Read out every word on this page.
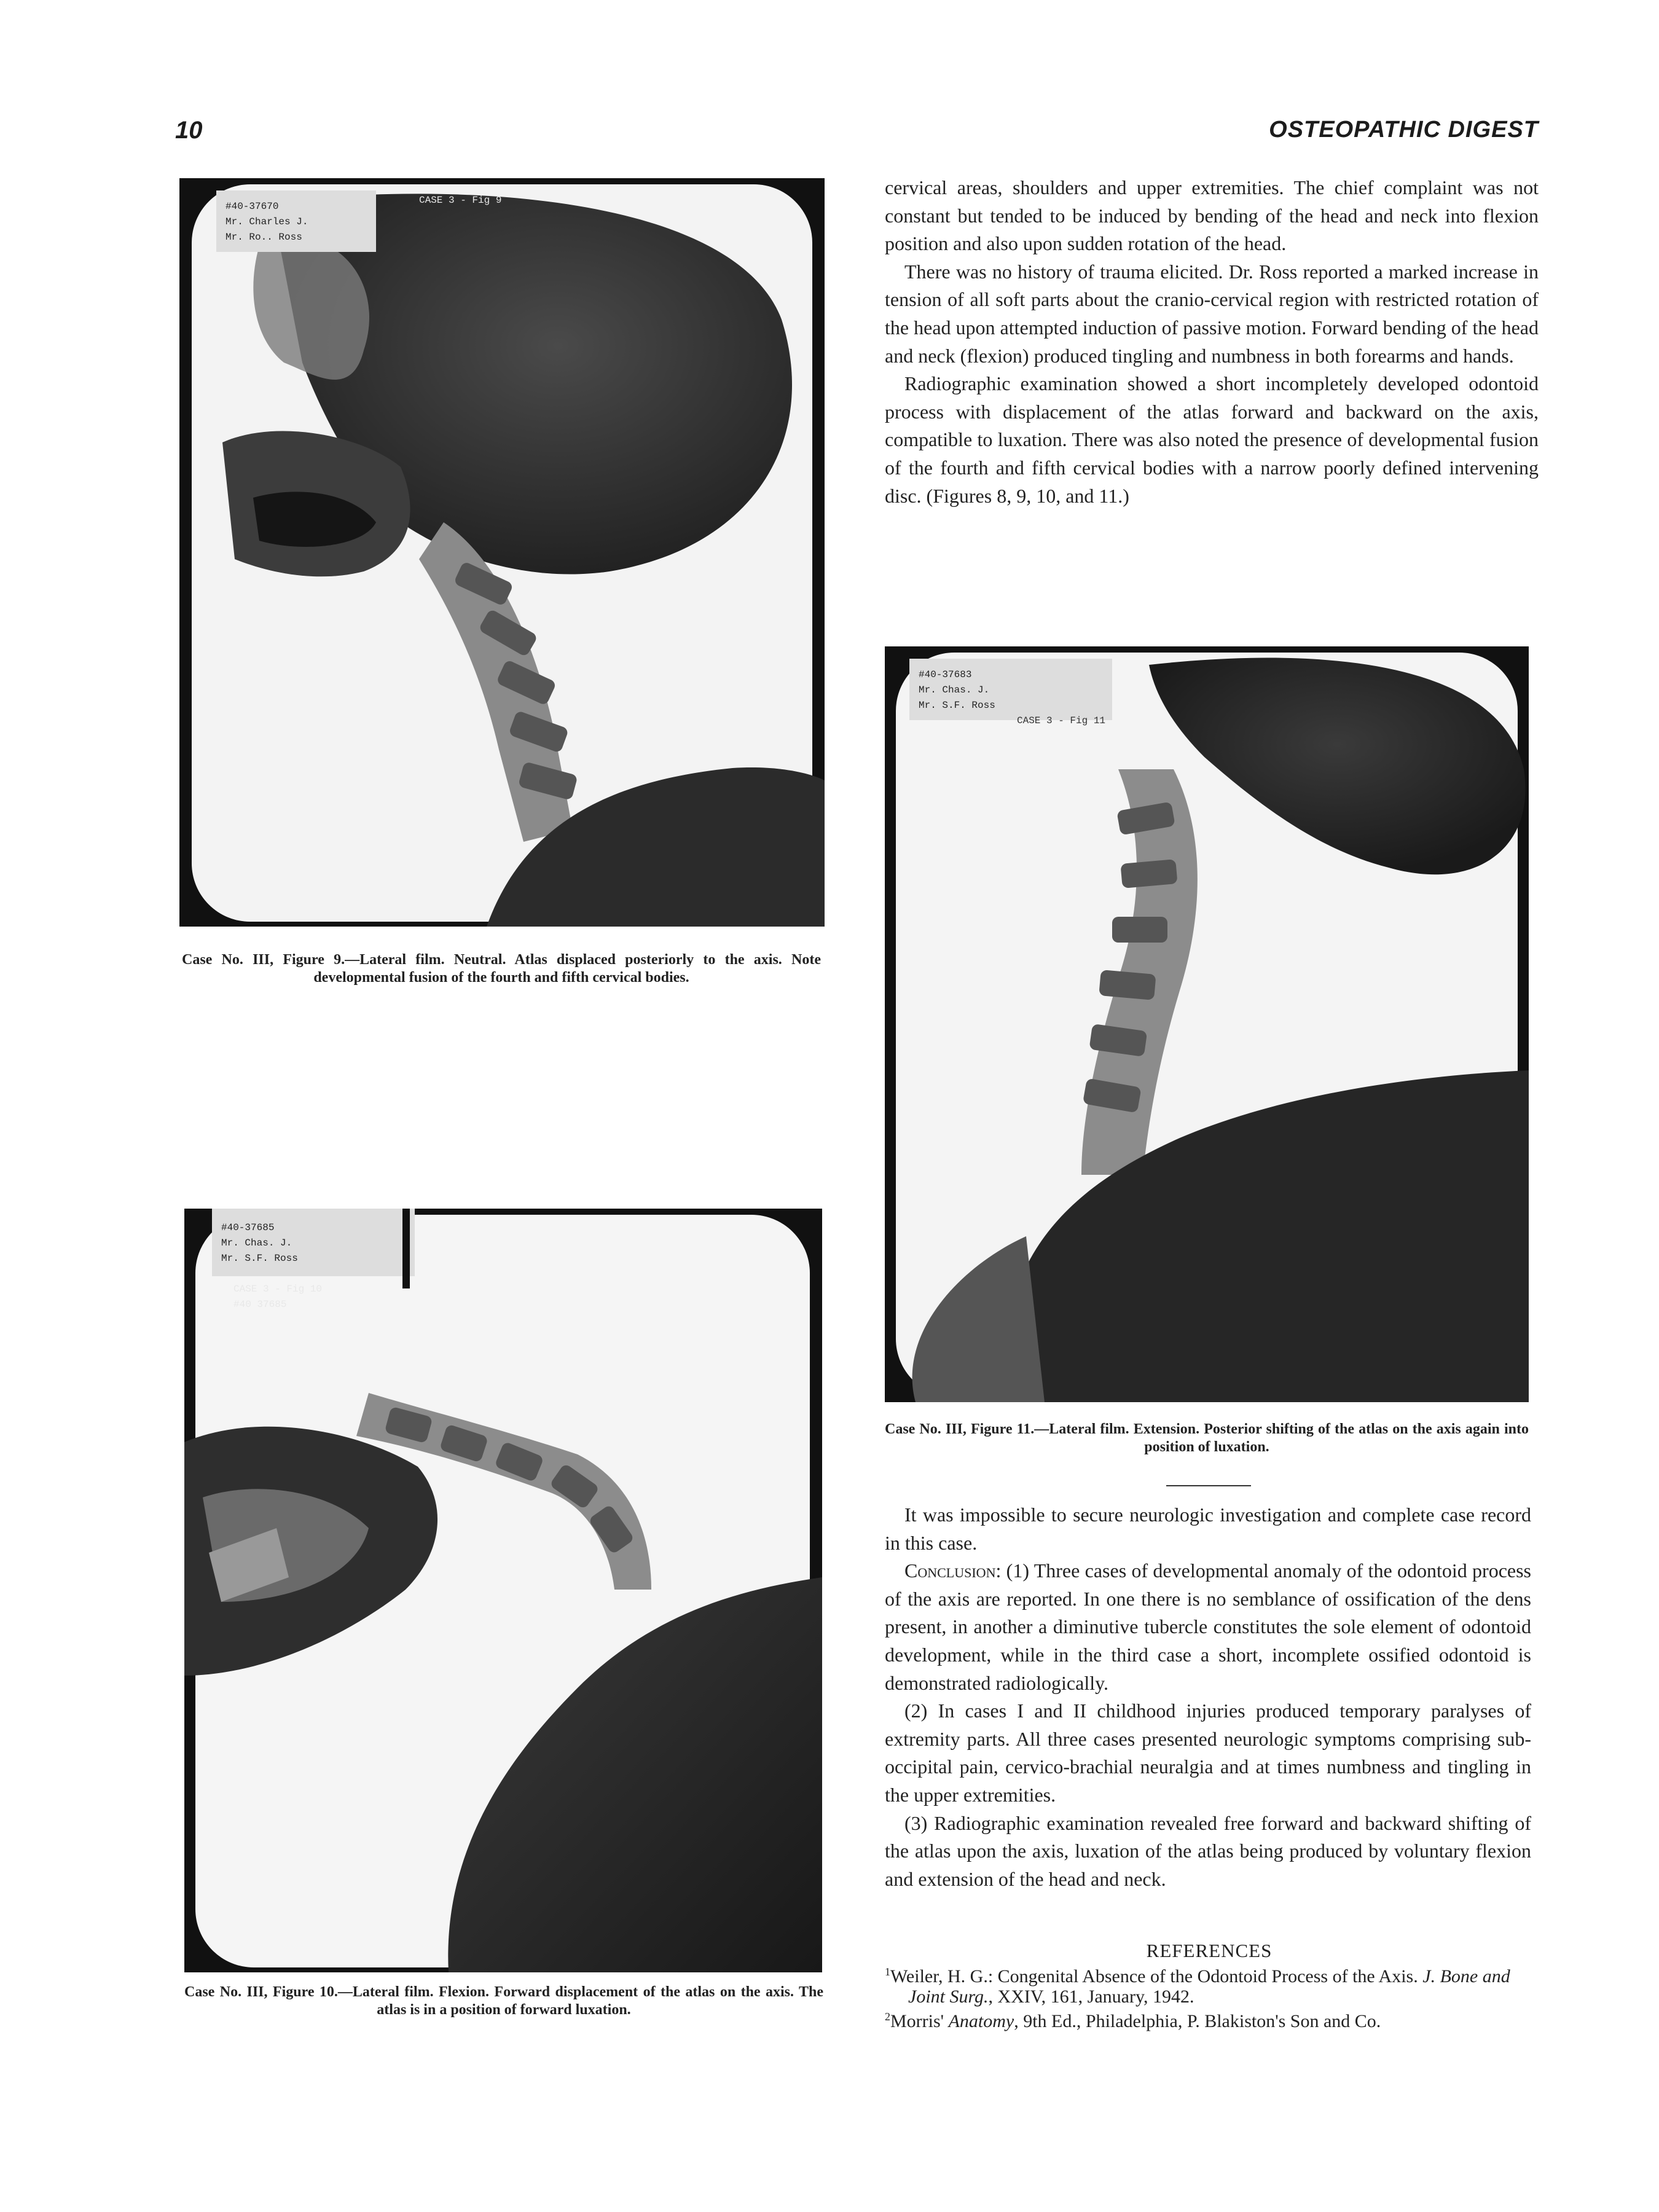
10	OSTEOPATHIC DIGEST
#40-37670
Mr. Charles J.
Mr. Ro.. Ross
CASE 3 - Fig 9
Case No. III, Figure 9.—Lateral film. Neutral. Atlas displaced posteriorly to the axis. Note developmental fusion of the fourth and fifth cervical bodies.
#40-37683
Mr. Chas. J.
Mr. S.F. Ross
CASE 3 - Fig 11
Case No. III, Figure 11.—Lateral film. Extension. Posterior shifting of the atlas on the axis again into position of luxation.
#40-37685
Mr. Chas. J.
Mr. S.F. Ross
CASE 3 - Fig 10
#40 37685
Case No. III, Figure 10.—Lateral film. Flexion. Forward displacement of the atlas on the axis. The atlas is in a position of forward luxation.

cervical areas, shoulders and upper extremities. The chief complaint was not constant but tended to be induced by bending of the head and neck into flexion position and also upon sudden rotation of the head.

There was no history of trauma elicited. Dr. Ross reported a marked increase in tension of all soft parts about the cranio-cervical region with restricted rotation of the head upon attempted induction of passive motion. Forward bending of the head and neck (flexion) produced tingling and numbness in both forearms and hands.

Radiographic examination showed a short incompletely developed odontoid process with displacement of the atlas forward and backward on the axis, compatible to luxation. There was also noted the presence of developmental fusion of the fourth and fifth cervical bodies with a narrow poorly defined intervening disc. (Figures 8, 9, 10, and 11.)

It was impossible to secure neurologic investigation and complete case record in this case.

Conclusion: (1) Three cases of developmental anomaly of the odontoid process of the axis are reported. In one there is no semblance of ossification of the dens present, in another a diminutive tubercle constitutes the sole element of odontoid development, while in the third case a short, incomplete ossified odontoid is demonstrated radiologically.

(2) In cases I and II childhood injuries produced temporary paralyses of extremity parts. All three cases presented neurologic symptoms comprising sub-occipital pain, cervico-brachial neuralgia and at times numbness and tingling in the upper extremities.

(3) Radiographic examination revealed free forward and backward shifting of the atlas upon the axis, luxation of the atlas being produced by voluntary flexion and extension of the head and neck.

REFERENCES
$^1$Weiler, H. G.: Congenital Absence of the Odontoid Process of the Axis. J. Bone and Joint Surg., XXIV, 161, January, 1942.
$^2$Morris' Anatomy, 9th Ed., Philadelphia, P. Blakiston's Son and Co.
